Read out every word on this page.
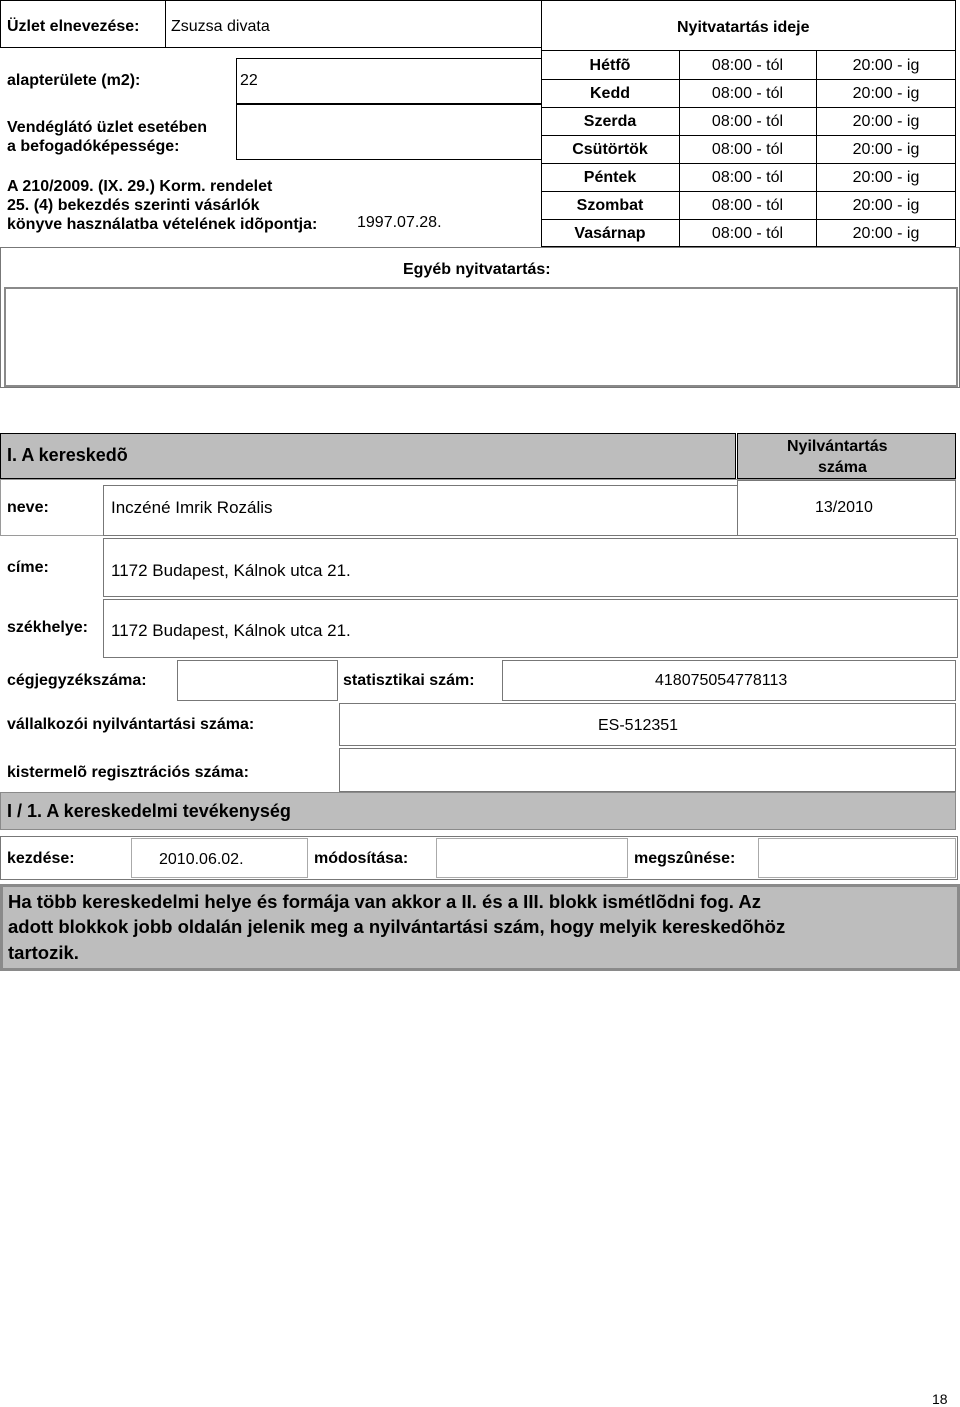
Üzlet elnevezése: Zsuzsa divata
alapterülete (m2):	22
Vendéglátó üzlet esetében
a befogadóképessége:
A 210/2009. (IX. 29.) Korm. rendelet
25. (4) bekezdés szerinti vásárlók
könyve használatba vételének idõpontja: 1997.07.28.
Nyitvatartás ideje
Hétfõ	08:00 - tól	20:00 - ig
Kedd	08:00 - tól	20:00 - ig
Szerda	08:00 - tól	20:00 - ig
Csütörtök	08:00 - tól	20:00 - ig
Péntek	08:00 - tól	20:00 - ig
Szombat	08:00 - tól	20:00 - ig
Vasárnap	08:00 - tól	20:00 - ig
Egyéb nyitvatartás:
I. A kereskedõ	Nyilvántartás
száma
neve:	Inczéné Imrik Rozális	13/2010
címe:	1172 Budapest, Kálnok utca 21.
székhelye: 1172 Budapest, Kálnok utca 21.
cégjegyzékszáma:	statisztikai szám:	418075054778113
vállalkozói nyilvántartási száma:	ES-512351
kistermelõ regisztrációs száma:
I / 1. A kereskedelmi tevékenység
kezdése:	2010.06.02.	módosítása:	megszûnése:
Ha több kereskedelmi helye és formája van akkor a II. és a III. blokk ismétlõdni fog. Az
adott blokkok jobb oldalán jelenik meg a nyilvántartási szám, hogy melyik kereskedõhöz
tartozik.
18
